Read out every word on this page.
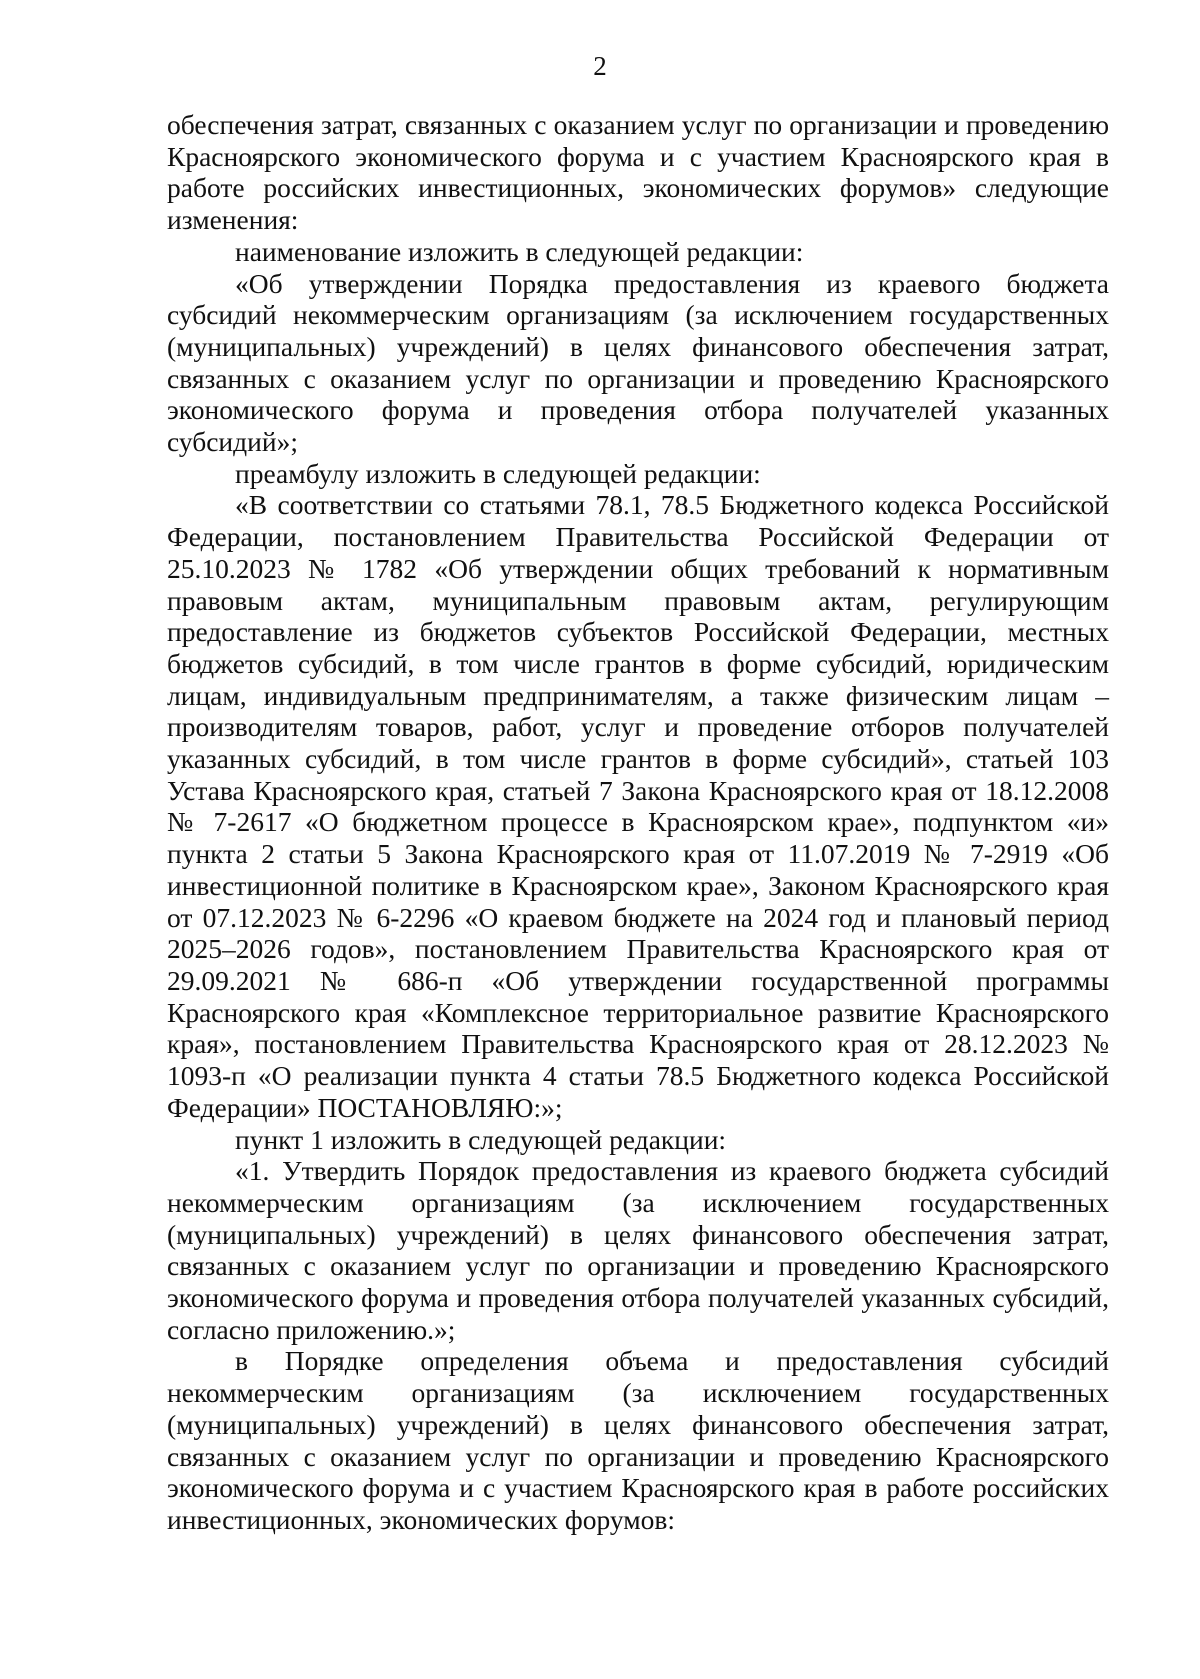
2

обеспечения затрат, связанных с оказанием услуг по организации и проведению Красноярского экономического форума и с участием Красноярского края в работе российских инвестиционных, экономических форумов» следующие изменения:

наименование изложить в следующей редакции:

«Об утверждении Порядка предоставления из краевого бюджета субсидий некоммерческим организациям (за исключением государственных (муниципальных) учреждений) в целях финансового обеспечения затрат, связанных с оказанием услуг по организации и проведению Красноярского экономического форума и проведения отбора получателей указанных субсидий»;

преамбулу изложить в следующей редакции:

«В соответствии со статьями 78.1, 78.5 Бюджетного кодекса Российской Федерации, постановлением Правительства Российской Федерации от 25.10.2023 № 1782 «Об утверждении общих требований к нормативным правовым актам, муниципальным правовым актам, регулирующим предоставление из бюджетов субъектов Российской Федерации, местных бюджетов субсидий, в том числе грантов в форме субсидий, юридическим лицам, индивидуальным предпринимателям, а также физическим лицам – производителям товаров, работ, услуг и проведение отборов получателей указанных субсидий, в том числе грантов в форме субсидий», статьей 103 Устава Красноярского края, статьей 7 Закона Красноярского края от 18.12.2008 № 7-2617 «О бюджетном процессе в Красноярском крае», подпунктом «и» пункта 2 статьи 5 Закона Красноярского края от 11.07.2019 № 7-2919 «Об инвестиционной политике в Красноярском крае», Законом Красноярского края от 07.12.2023 № 6-2296 «О краевом бюджете на 2024 год и плановый период 2025–2026 годов», постановлением Правительства Красноярского края от 29.09.2021 № 686-п «Об утверждении государственной программы Красноярского края «Комплексное территориальное развитие Красноярского края», постановлением Правительства Красноярского края от 28.12.2023 № 1093-п «О реализации пункта 4 статьи 78.5 Бюджетного кодекса Российской Федерации» ПОСТАНОВЛЯЮ:»;

пункт 1 изложить в следующей редакции:

«1. Утвердить Порядок предоставления из краевого бюджета субсидий некоммерческим организациям (за исключением государственных (муниципальных) учреждений) в целях финансового обеспечения затрат, связанных с оказанием услуг по организации и проведению Красноярского экономического форума и проведения отбора получателей указанных субсидий, согласно приложению.»;

в Порядке определения объема и предоставления субсидий некоммерческим организациям (за исключением государственных (муниципальных) учреждений) в целях финансового обеспечения затрат, связанных с оказанием услуг по организации и проведению Красноярского экономического форума и с участием Красноярского края в работе российских инвестиционных, экономических форумов:
